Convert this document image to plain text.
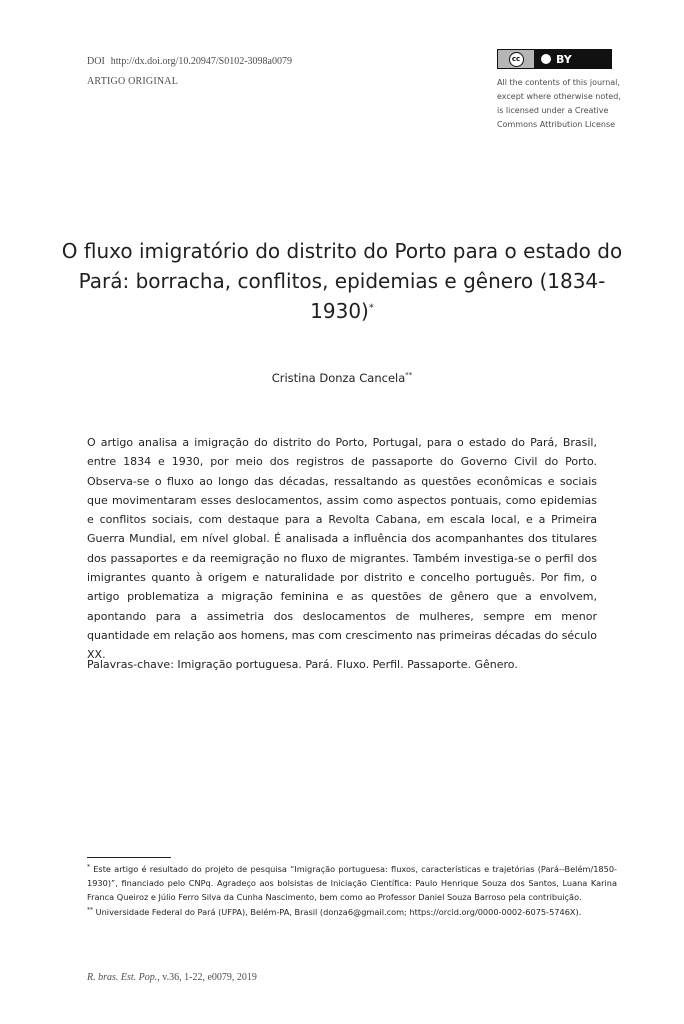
DOI http://dx.doi.org/10.20947/S0102-3098a0079
ARTIGO ORIGINAL
cc	BY
All the contents of this journal, except where otherwise noted, is licensed under a Creative Commons Attribution License
O fluxo imigratório do distrito do Porto para o estado do Pará: borracha, conflitos, epidemias e gênero (1834-1930)*
Cristina Donza Cancela**

O artigo analisa a imigração do distrito do Porto, Portugal, para o estado do Pará, Brasil, entre 1834 e 1930, por meio dos registros de passaporte do Governo Civil do Porto. Observa-se o fluxo ao longo das décadas, ressaltando as questões econômicas e sociais que movimentaram esses deslocamentos, assim como aspectos pontuais, como epidemias e conflitos sociais, com destaque para a Revolta Cabana, em escala local, e a Primeira Guerra Mundial, em nível global. É analisada a influência dos acompanhantes dos titulares dos passaportes e da reemigração no fluxo de migrantes. Também investiga-se o perfil dos imigrantes quanto à origem e naturalidade por distrito e concelho português. Por fim, o artigo problematiza a migração feminina e as questões de gênero que a envolvem, apontando para a assimetria dos deslocamentos de mulheres, sempre em menor quantidade em relação aos homens, mas com crescimento nas primeiras décadas do século XX.

Palavras-chave: Imigração portuguesa. Pará. Fluxo. Perfil. Passaporte. Gênero.

* Este artigo é resultado do projeto de pesquisa “Imigração portuguesa: fluxos, características e trajetórias (Pará--Belém/1850-1930)”, financiado pelo CNPq. Agradeço aos bolsistas de Iniciação Científica: Paulo Henrique Souza dos Santos, Luana Karina Franca Queiroz e Júlio Ferro Silva da Cunha Nascimento, bem como ao Professor Daniel Souza Barroso pela contribuição.

** Universidade Federal do Pará (UFPA), Belém-PA, Brasil (donza6@gmail.com; https://orcid.org/0000-0002-6075-5746X).

R. bras. Est. Pop., v.36, 1-22, e0079, 2019
